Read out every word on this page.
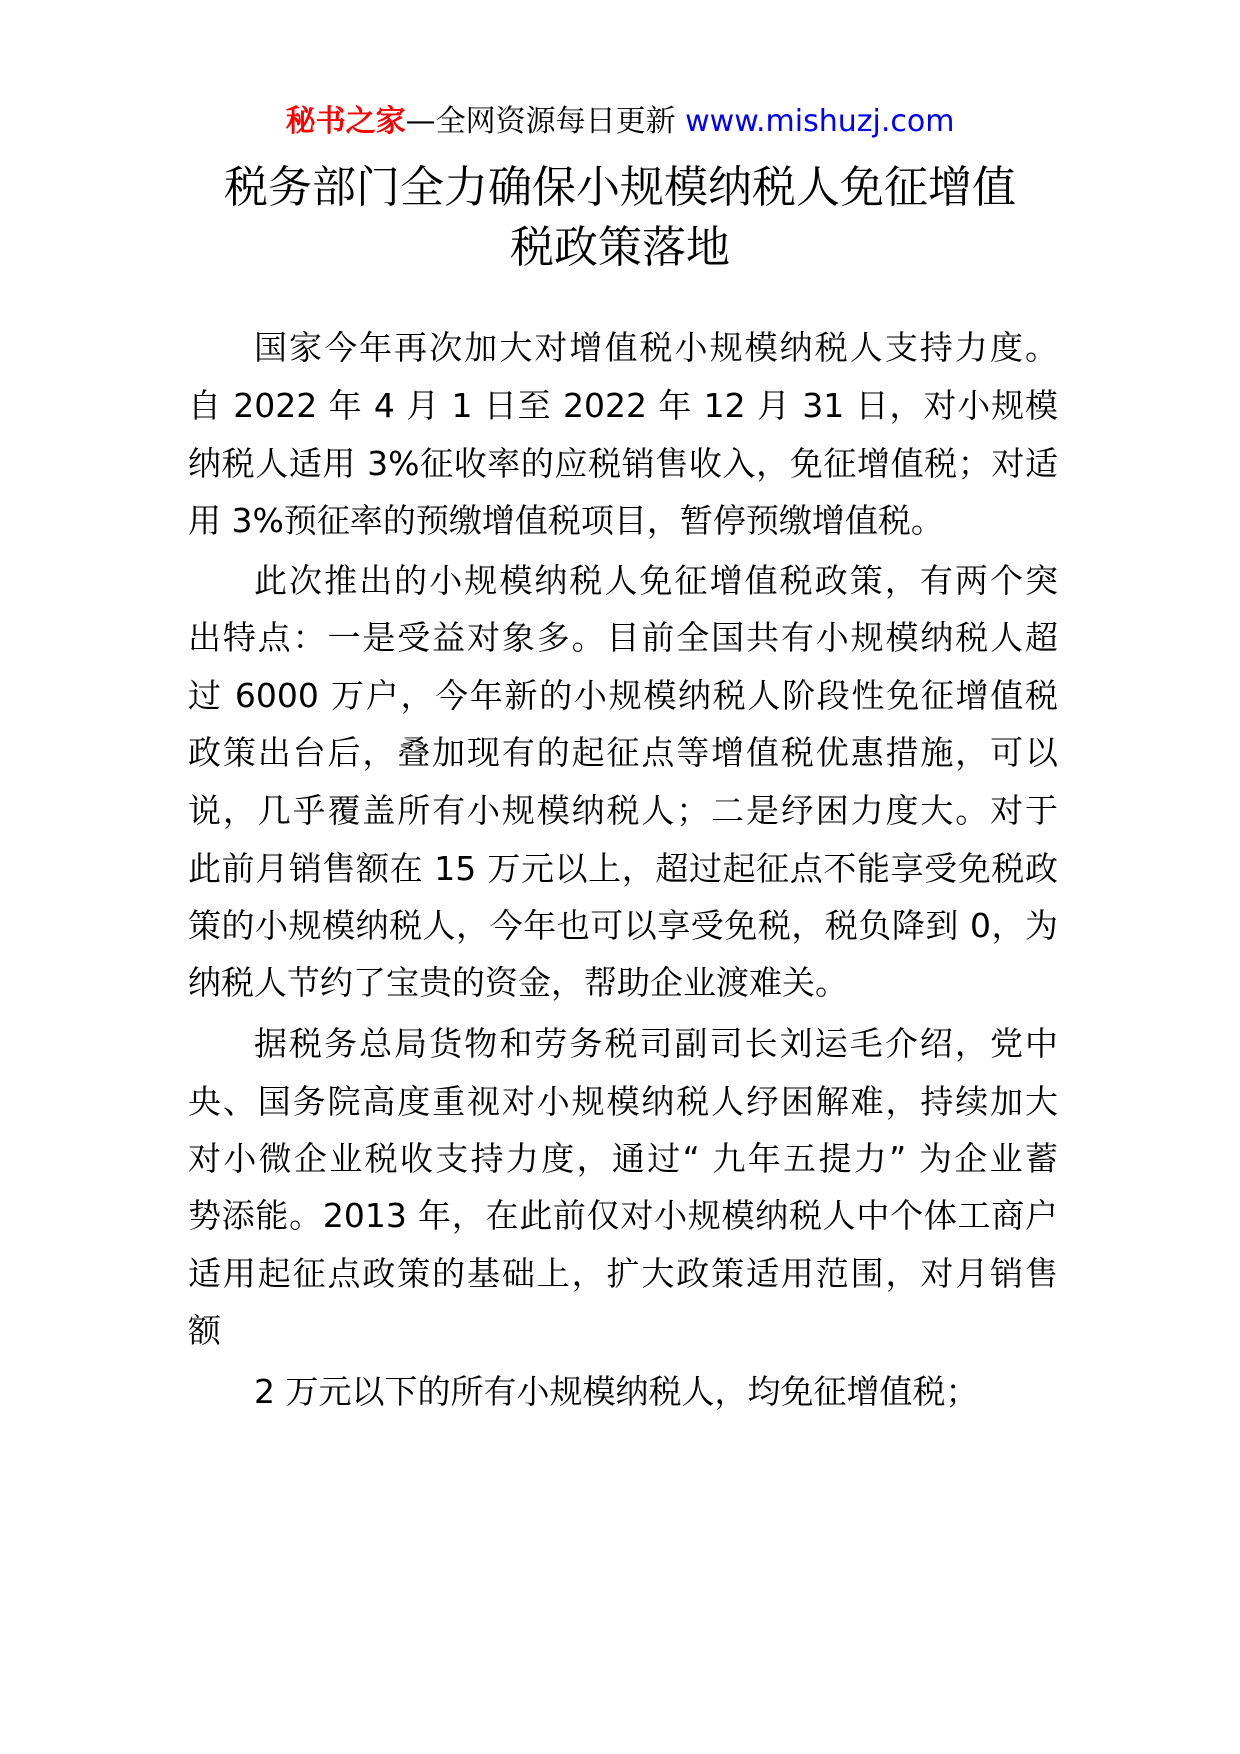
秘书之家—全网资源每日更新 www.mishuzj.com
税务部门全力确保小规模纳税人免征增值
税政策落地

国家今年再次加大对增值税小规模纳税人支持力度。

自 2022 年 4 月 1 日至 2022 年 12 月 31 日，对小规模

纳税人适用 3%征收率的应税销售收入，免征增值税；对适

用 3%预征率的预缴增值税项目，暂停预缴增值税。

此次推出的小规模纳税人免征增值税政策，有两个突

出特点：一是受益对象多。目前全国共有小规模纳税人超

过 6000 万户，今年新的小规模纳税人阶段性免征增值税

政策出台后，叠加现有的起征点等增值税优惠措施，可以

说，几乎覆盖所有小规模纳税人；二是纾困力度大。对于

此前月销售额在 15 万元以上，超过起征点不能享受免税政

策的小规模纳税人，今年也可以享受免税，税负降到 0，为

纳税人节约了宝贵的资金，帮助企业渡难关。

据税务总局货物和劳务税司副司长刘运毛介绍，党中

央、国务院高度重视对小规模纳税人纾困解难，持续加大

对小微企业税收支持力度，通过“ 九年五提力” 为企业蓄

势添能。2013 年，在此前仅对小规模纳税人中个体工商户

适用起征点政策的基础上，扩大政策适用范围，对月销售

额

2 万元以下的所有小规模纳税人，均免征增值税；
